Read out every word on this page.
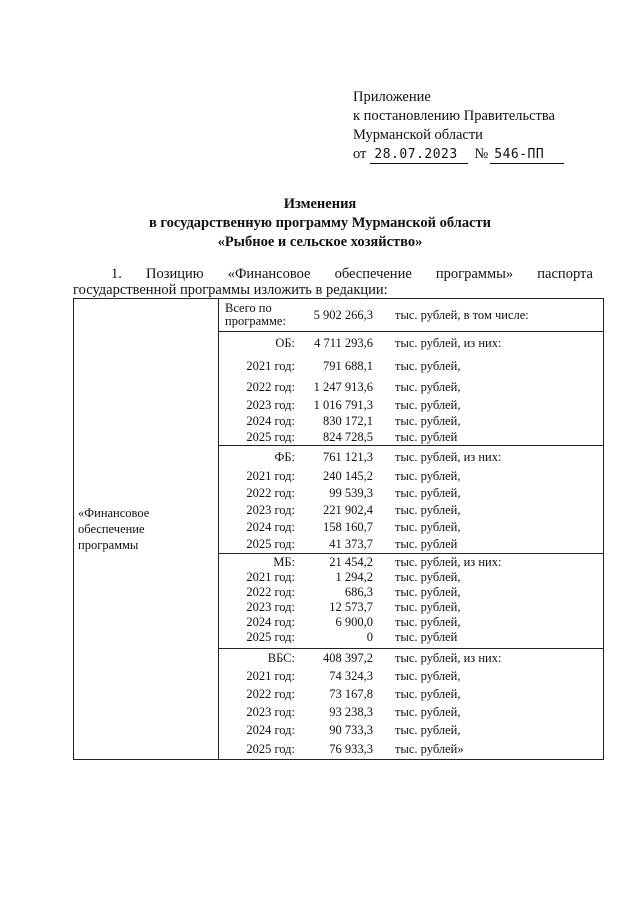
Приложение
к постановлению Правительства
Мурманской области
от 28.07.2023	№ 546-ПП
Изменения
в государственную программу Мурманской области
«Рыбное и сельское хозяйство»
1. Позицию «Финансовое обеспечение программы» паспорта
государственной программы изложить в редакции:
«Финансовое
обеспечение
программы

Всего по
программе:	5 902 266,3	тыс. рублей, в том числе:

ОБ:	4 711 293,6	тыс. рублей, из них:
2021 год:	791 688,1	тыс. рублей,
2022 год:	1 247 913,6	тыс. рублей,
2023 год:	1 016 791,3	тыс. рублей,
2024 год:	830 172,1	тыс. рублей,
2025 год:	824 728,5	тыс. рублей

ФБ:	761 121,3	тыс. рублей, из них:
2021 год:	240 145,2	тыс. рублей,
2022 год:	99 539,3	тыс. рублей,
2023 год:	221 902,4	тыс. рублей,
2024 год:	158 160,7	тыс. рублей,
2025 год:	41 373,7	тыс. рублей

МБ:	21 454,2	тыс. рублей, из них:
2021 год:	1 294,2	тыс. рублей,
2022 год:	686,3	тыс. рублей,
2023 год:	12 573,7	тыс. рублей,
2024 год:	6 900,0	тыс. рублей,
2025 год:	0	тыс. рублей

ВБС:	408 397,2	тыс. рублей, из них:
2021 год:	74 324,3	тыс. рублей,
2022 год:	73 167,8	тыс. рублей,
2023 год:	93 238,3	тыс. рублей,
2024 год:	90 733,3	тыс. рублей,
2025 год:	76 933,3	тыс. рублей»
